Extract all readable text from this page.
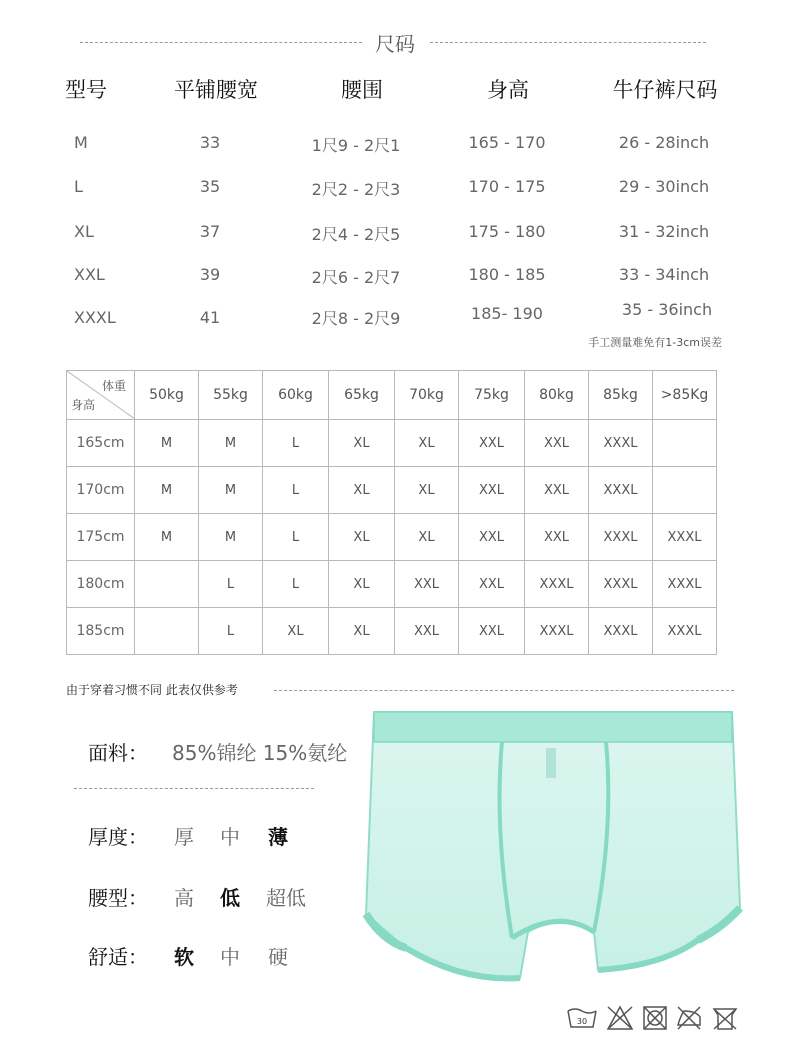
尺码
型号	平铺腰宽	腰围	身高	牛仔裤尺码
M	33	1尺9 - 2尺1	165 - 170	26 - 28inch
L	35	2尺2 - 2尺3	170 - 175	29 - 30inch
XL	37	2尺4 - 2尺5	175 - 180	31 - 32inch
XXL	39	2尺6 - 2尺7	180 - 185	33 - 34inch
XXXL	41	2尺8 - 2尺9	185- 190	35 - 36inch
手工测量难免有1-3cm误差
体重
身高	50kg	55kg	60kg	65kg	70kg	75kg	80kg	85kg	>85Kg
165cm	M	M	L	XL	XL	XXL	XXL	XXXL	
170cm	M	M	L	XL	XL	XXL	XXL	XXXL	
175cm	M	M	L	XL	XL	XXL	XXL	XXXL	XXXL
180cm		L	L	XL	XXL	XXL	XXXL	XXXL	XXXL
185cm		L	XL	XL	XXL	XXL	XXXL	XXXL	XXXL
由于穿着习惯不同 此表仅供参考
面料： 85%锦纶 15%氨纶
厚度： 厚 中 薄
腰型： 高 低 超低
舒适： 软 中 硬
30
